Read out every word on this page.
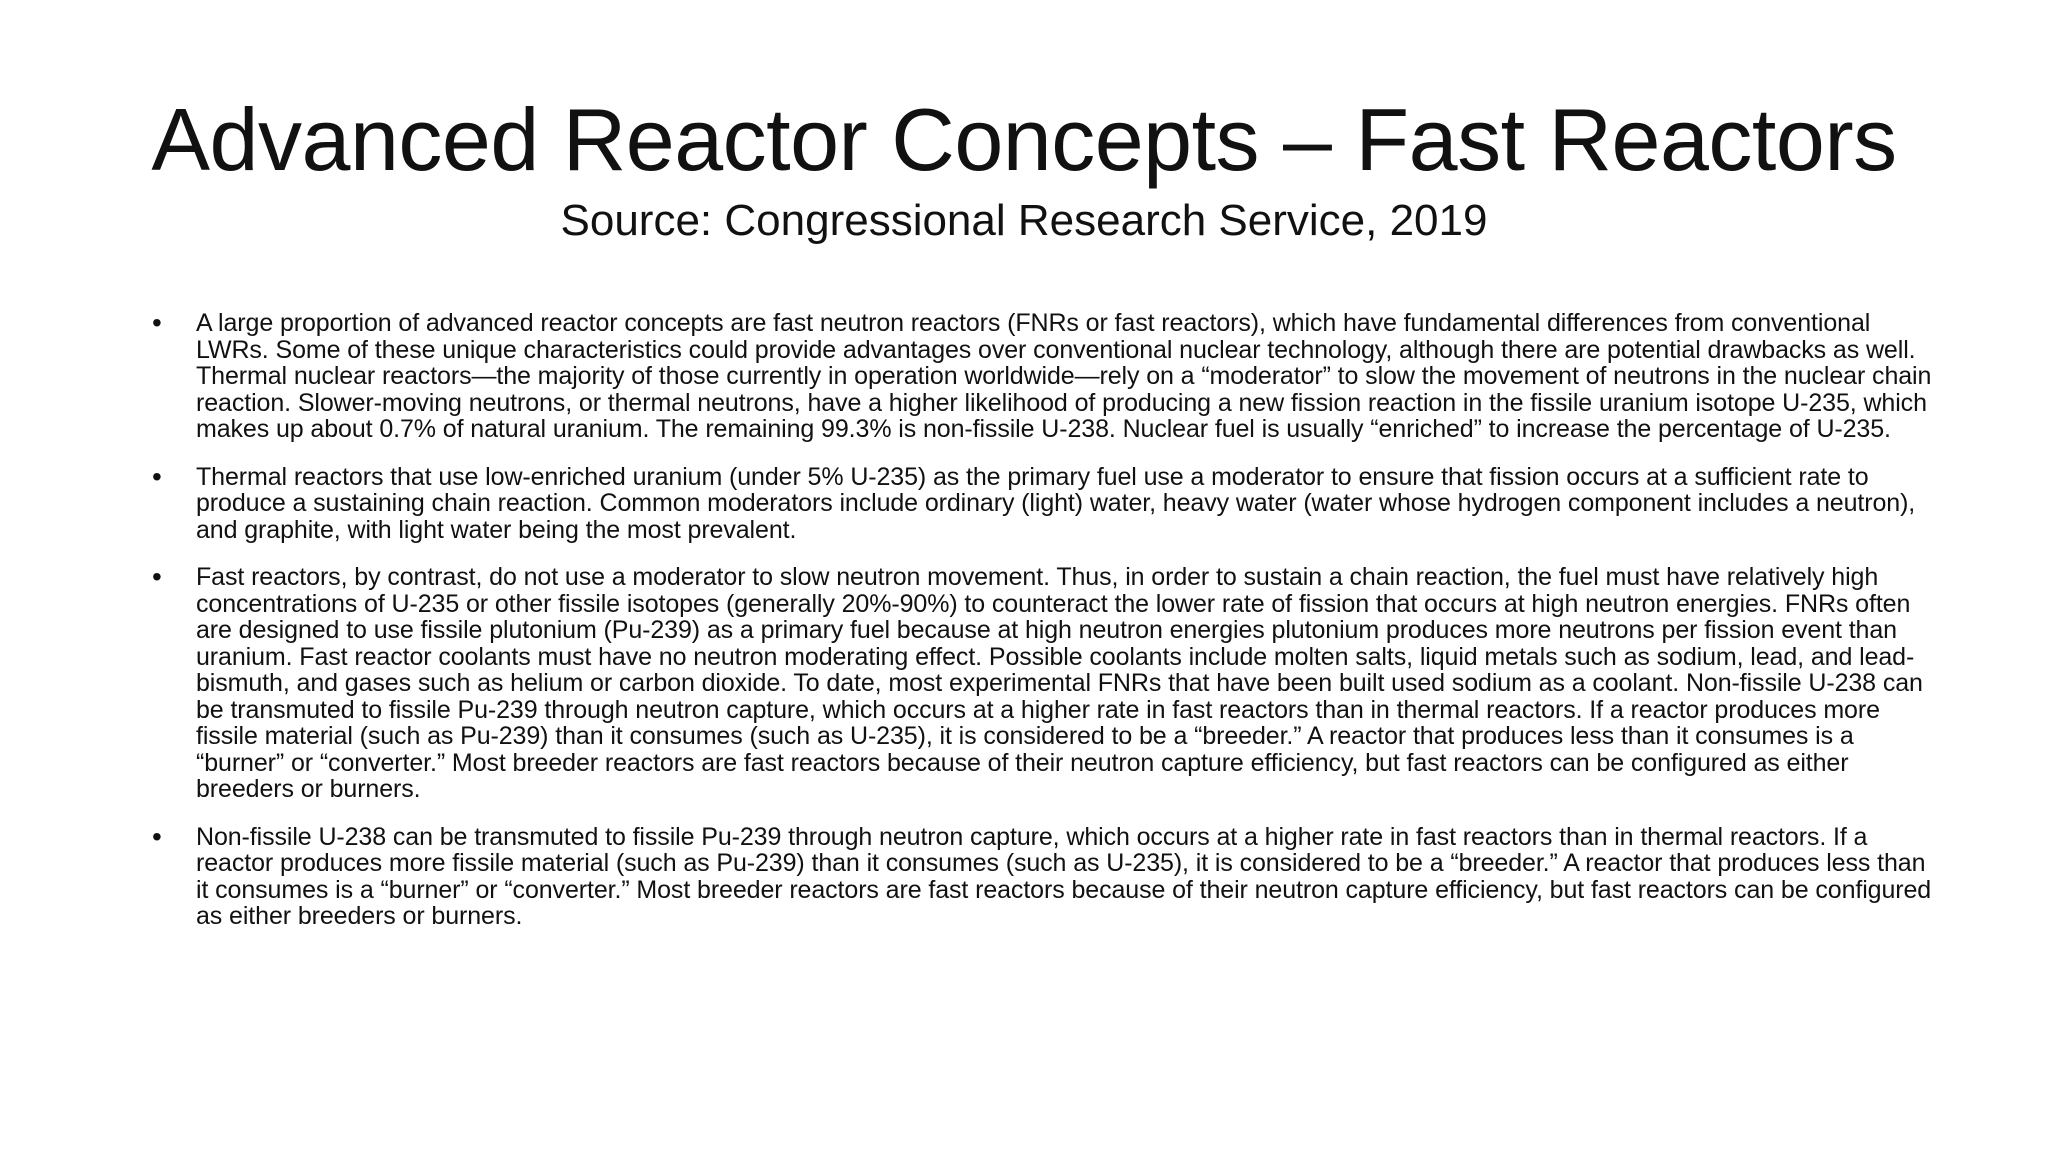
Advanced Reactor Concepts – Fast Reactors
Source: Congressional Research Service, 2019
•	A large proportion of advanced reactor concepts are fast neutron reactors (FNRs or fast reactors), which have fundamental differences from conventional LWRs. Some of these unique characteristics could provide advantages over conventional nuclear technology, although there are potential drawbacks as well. Thermal nuclear reactors—the majority of those currently in operation worldwide—rely on a “moderator” to slow the movement of neutrons in the nuclear chain reaction. Slower-moving neutrons, or thermal neutrons, have a higher likelihood of producing a new fission reaction in the fissile uranium isotope U-235, which makes up about 0.7% of natural uranium. The remaining 99.3% is non-fissile U-238. Nuclear fuel is usually “enriched” to increase the percentage of U-235.
•	Thermal reactors that use low-enriched uranium (under 5% U-235) as the primary fuel use a moderator to ensure that fission occurs at a sufficient rate to produce a sustaining chain reaction. Common moderators include ordinary (light) water, heavy water (water whose hydrogen component includes a neutron), and graphite, with light water being the most prevalent.
•	Fast reactors, by contrast, do not use a moderator to slow neutron movement. Thus, in order to sustain a chain reaction, the fuel must have relatively high concentrations of U-235 or other fissile isotopes (generally 20%-90%) to counteract the lower rate of fission that occurs at high neutron energies. FNRs often are designed to use fissile plutonium (Pu-239) as a primary fuel because at high neutron energies plutonium produces more neutrons per fission event than uranium. Fast reactor coolants must have no neutron moderating effect. Possible coolants include molten salts, liquid metals such as sodium, lead, and lead-bismuth, and gases such as helium or carbon dioxide. To date, most experimental FNRs that have been built used sodium as a coolant. Non-fissile U-238 can be transmuted to fissile Pu-239 through neutron capture, which occurs at a higher rate in fast reactors than in thermal reactors. If a reactor produces more fissile material (such as Pu-239) than it consumes (such as U-235), it is considered to be a “breeder.” A reactor that produces less than it consumes is a “burner” or “converter.” Most breeder reactors are fast reactors because of their neutron capture efficiency, but fast reactors can be configured as either breeders or burners.
•	Non-fissile U-238 can be transmuted to fissile Pu-239 through neutron capture, which occurs at a higher rate in fast reactors than in thermal reactors. If a reactor produces more fissile material (such as Pu-239) than it consumes (such as U-235), it is considered to be a “breeder.” A reactor that produces less than it consumes is a “burner” or “converter.” Most breeder reactors are fast reactors because of their neutron capture efficiency, but fast reactors can be configured as either breeders or burners.
